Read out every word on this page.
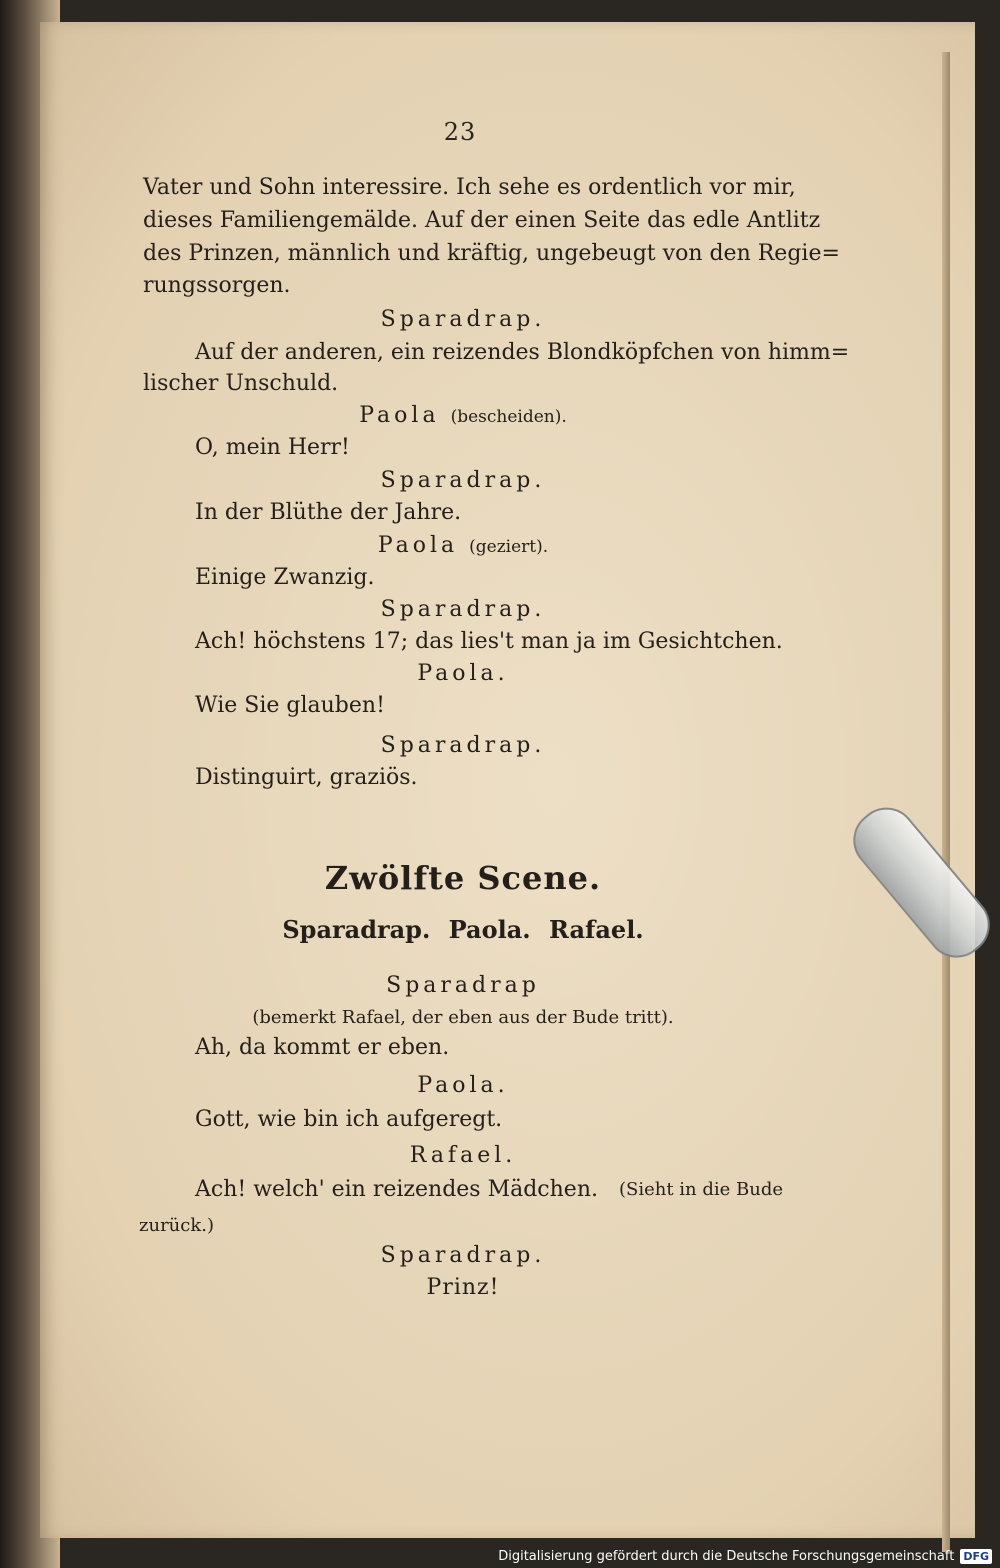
23
Vater und Sohn interessire. Ich sehe es ordentlich vor mir,
dieses Familiengemälde. Auf der einen Seite das edle Antlitz
des Prinzen, männlich und kräftig, ungebeugt von den Regie=
rungssorgen.
Sparadrap.
Auf der anderen, ein reizendes Blondköpfchen von himm=
lischer Unschuld.
Paola (bescheiden).
O, mein Herr!
Sparadrap.
In der Blüthe der Jahre.
Paola (geziert).
Einige Zwanzig.
Sparadrap.
Ach! höchstens 17; das lies't man ja im Gesichtchen.
Paola.
Wie Sie glauben!
Sparadrap.
Distinguirt, graziös.
Zwölfte Scene.
Sparadrap. Paola. Rafael.
Sparadrap
(bemerkt Rafael, der eben aus der Bude tritt).
Ah, da kommt er eben.
Paola.
Gott, wie bin ich aufgeregt.
Rafael.
Ach! welch' ein reizendes Mädchen. (Sieht in die Bude
zurück.)
Sparadrap.
Prinz!
Digitalisierung gefördert durch die Deutsche Forschungsgemeinschaft DFG
